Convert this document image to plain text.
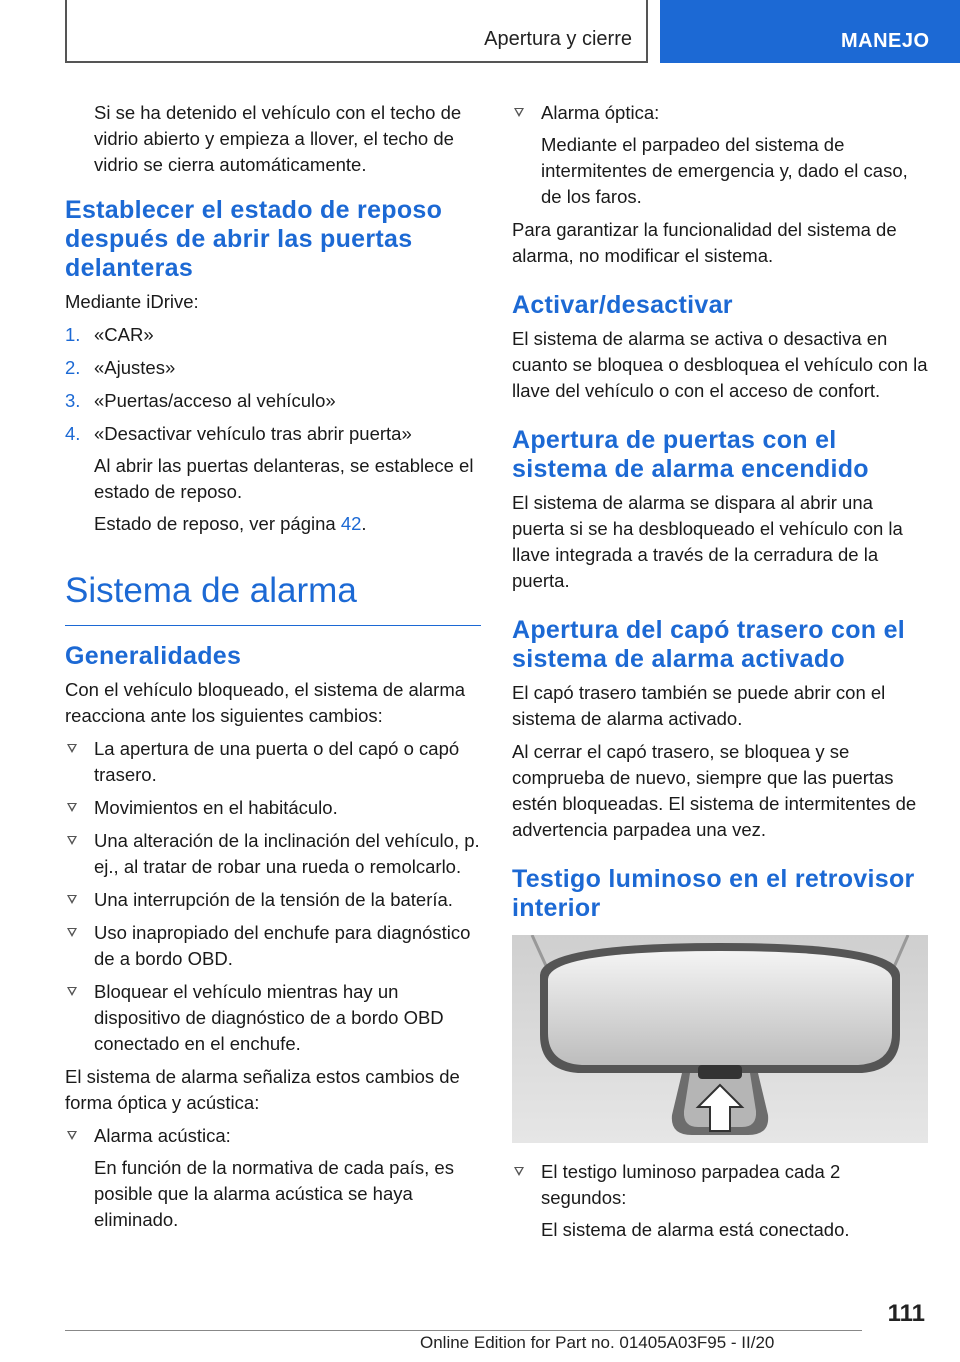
Apertura y cierre	MANEJO

Si se ha detenido el vehículo con el techo de vidrio abierto y empieza a llover, el techo de vidrio se cierra automáticamente.

Establecer el estado de reposo después de abrir las puertas delanteras

Mediante iDrive:

1. «CAR»
2. «Ajustes»
3. «Puertas/acceso al vehículo»
4. «Desactivar vehículo tras abrir puerta»
Al abrir las puertas delanteras, se establece el estado de reposo.
Estado de reposo, ver página 42.
Sistema de alarma
Generalidades

Con el vehículo bloqueado, el sistema de alarma reacciona ante los siguientes cambios:

La apertura de una puerta o del capó o capó trasero.
Movimientos en el habitáculo.
Una alteración de la inclinación del vehículo, p. ej., al tratar de robar una rueda o remolcarlo.
Una interrupción de la tensión de la batería.
Uso inapropiado del enchufe para diagnóstico de a bordo OBD.
Bloquear el vehículo mientras hay un dispositivo de diagnóstico de a bordo OBD conectado en el enchufe.

El sistema de alarma señaliza estos cambios de forma óptica y acústica:

Alarma acústica:
En función de la normativa de cada país, es posible que la alarma acústica se haya eliminado.
Alarma óptica:
Mediante el parpadeo del sistema de intermitentes de emergencia y, dado el caso, de los faros.

Para garantizar la funcionalidad del sistema de alarma, no modificar el sistema.

Activar/desactivar

El sistema de alarma se activa o desactiva en cuanto se bloquea o desbloquea el vehículo con la llave del vehículo o con el acceso de confort.

Apertura de puertas con el sistema de alarma encendido

El sistema de alarma se dispara al abrir una puerta si se ha desbloqueado el vehículo con la llave integrada a través de la cerradura de la puerta.

Apertura del capó trasero con el sistema de alarma activado

El capó trasero también se puede abrir con el sistema de alarma activado.

Al cerrar el capó trasero, se bloquea y se comprueba de nuevo, siempre que las puertas estén bloqueadas. El sistema de intermitentes de advertencia parpadea una vez.

Testigo luminoso en el retrovisor interior
El testigo luminoso parpadea cada 2 segundos:
El sistema de alarma está conectado.
111
Online Edition for Part no. 01405A03F95 - II/20
